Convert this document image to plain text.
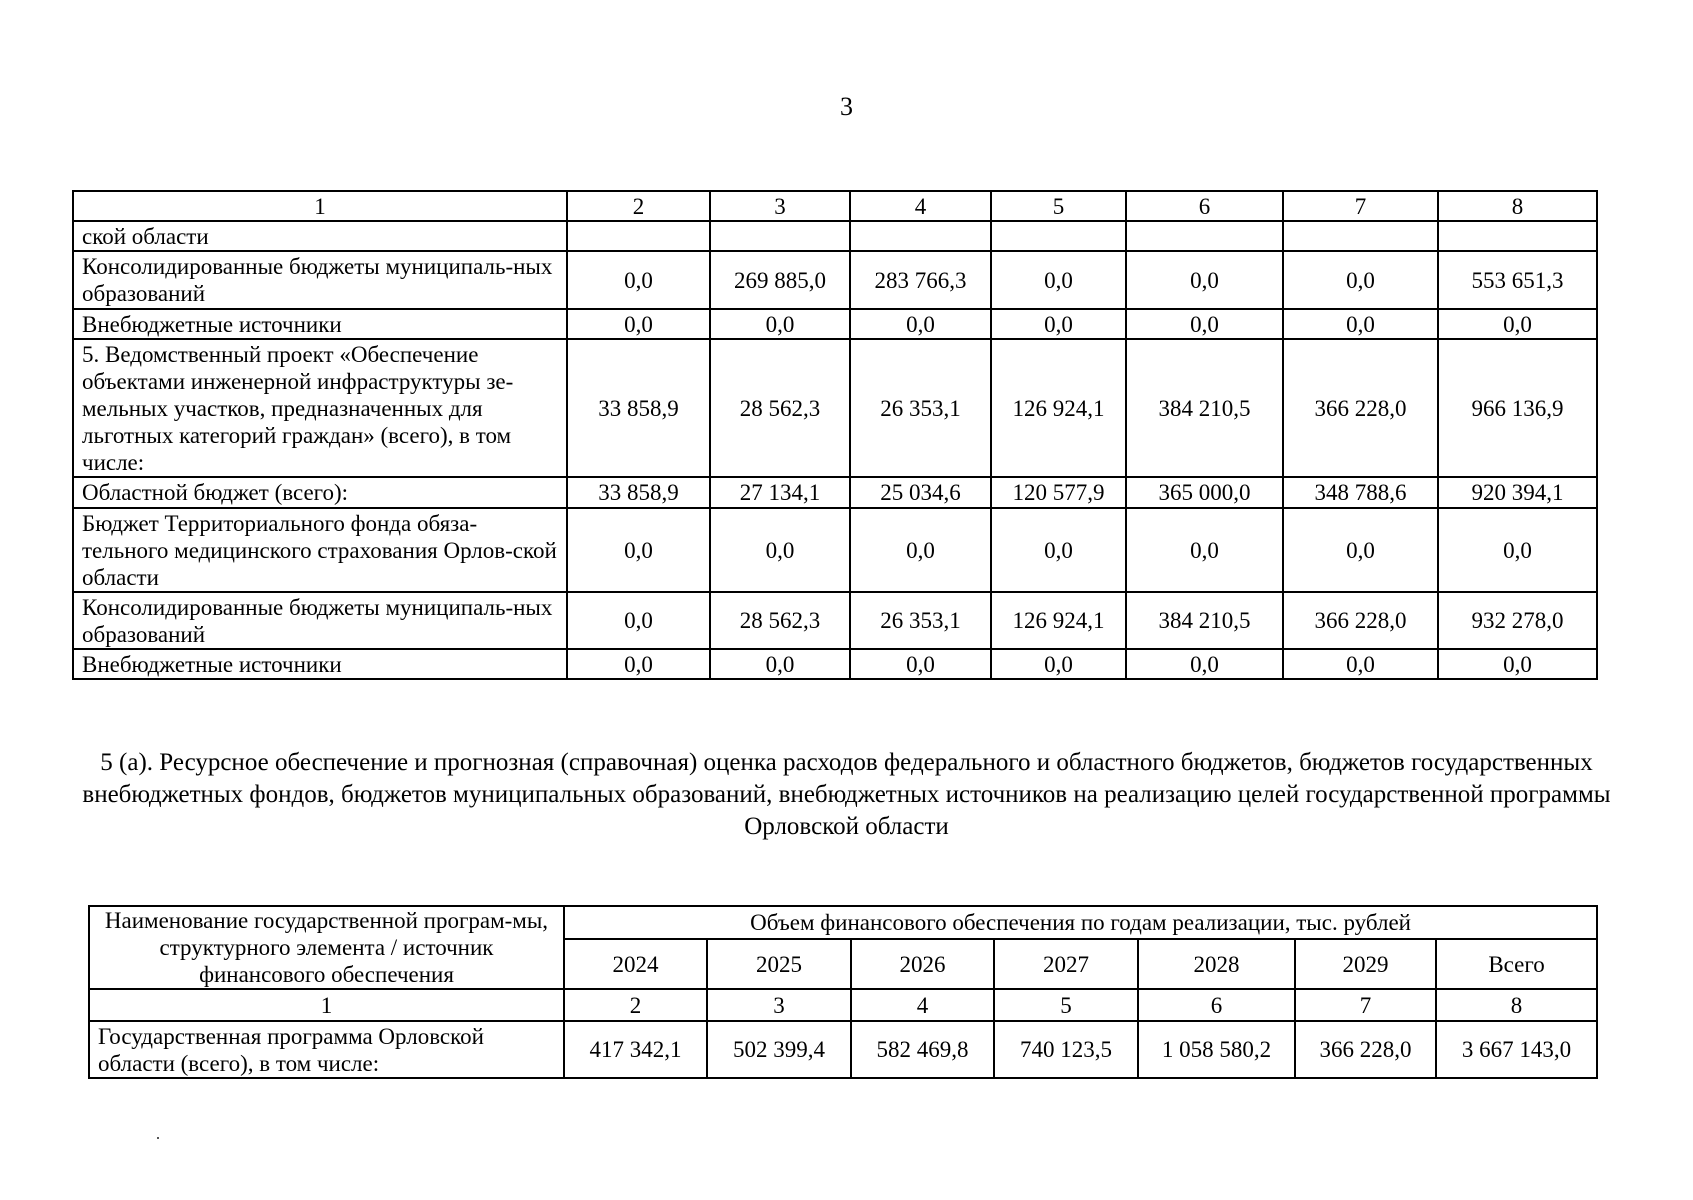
3
1	2	3	4	5	6	7	8
ской области							
Консолидированные бюджеты муниципаль-ных образований	0,0	269 885,0	283 766,3	0,0	0,0	0,0	553 651,3
Внебюджетные источники	0,0	0,0	0,0	0,0	0,0	0,0	0,0
5. Ведомственный проект «Обеспечение объектами инженерной инфраструктуры зе-мельных участков, предназначенных для льготных категорий граждан» (всего), в том числе:	33 858,9	28 562,3	26 353,1	126 924,1	384 210,5	366 228,0	966 136,9
Областной бюджет (всего):	33 858,9	27 134,1	25 034,6	120 577,9	365 000,0	348 788,6	920 394,1
Бюджет Территориального фонда обяза-тельного медицинского страхования Орлов-ской области	0,0	0,0	0,0	0,0	0,0	0,0	0,0
Консолидированные бюджеты муниципаль-ных образований	0,0	28 562,3	26 353,1	126 924,1	384 210,5	366 228,0	932 278,0
Внебюджетные источники	0,0	0,0	0,0	0,0	0,0	0,0	0,0
5 (а). Ресурсное обеспечение и прогнозная (справочная) оценка расходов федерального и областного бюджетов, бюджетов государственных внебюджетных фондов, бюджетов муниципальных образований, внебюджетных источников на реализацию целей государственной программы Орловской области
Наименование государственной програм-мы, структурного элемента / источник финансового обеспечения	Объем финансового обеспечения по годам реализации, тыс. рублей						
	2024	2025	2026	2027	2028	2029	Всего
1	2	3	4	5	6	7	8
Государственная программа Орловской области (всего), в том числе:	417 342,1	502 399,4	582 469,8	740 123,5	1 058 580,2	366 228,0	3 667 143,0
